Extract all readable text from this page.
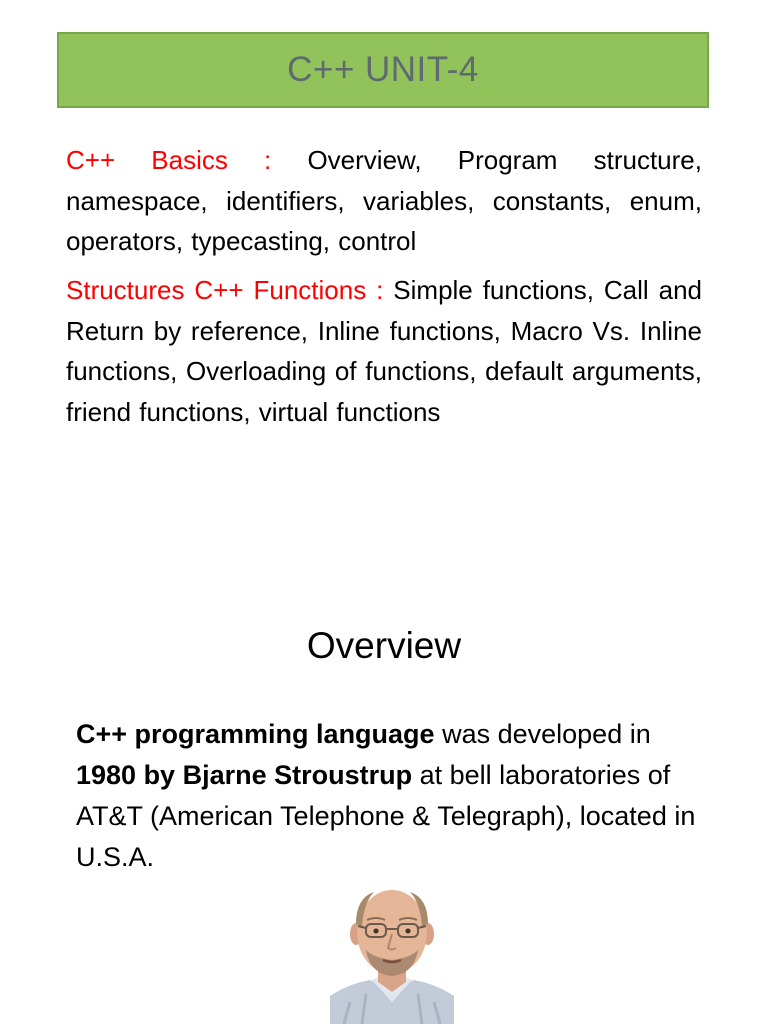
C++ UNIT-4
C++ Basics : Overview, Program structure, namespace, identifiers, variables, constants, enum, operators, typecasting, control
Structures C++ Functions : Simple functions, Call and Return by reference, Inline functions, Macro Vs. Inline functions, Overloading of functions, default arguments, friend functions, virtual functions
Overview
C++ programming language was developed in
1980 by Bjarne Stroustrup at bell laboratories of AT&T (American Telephone & Telegraph), located in U.S.A.
